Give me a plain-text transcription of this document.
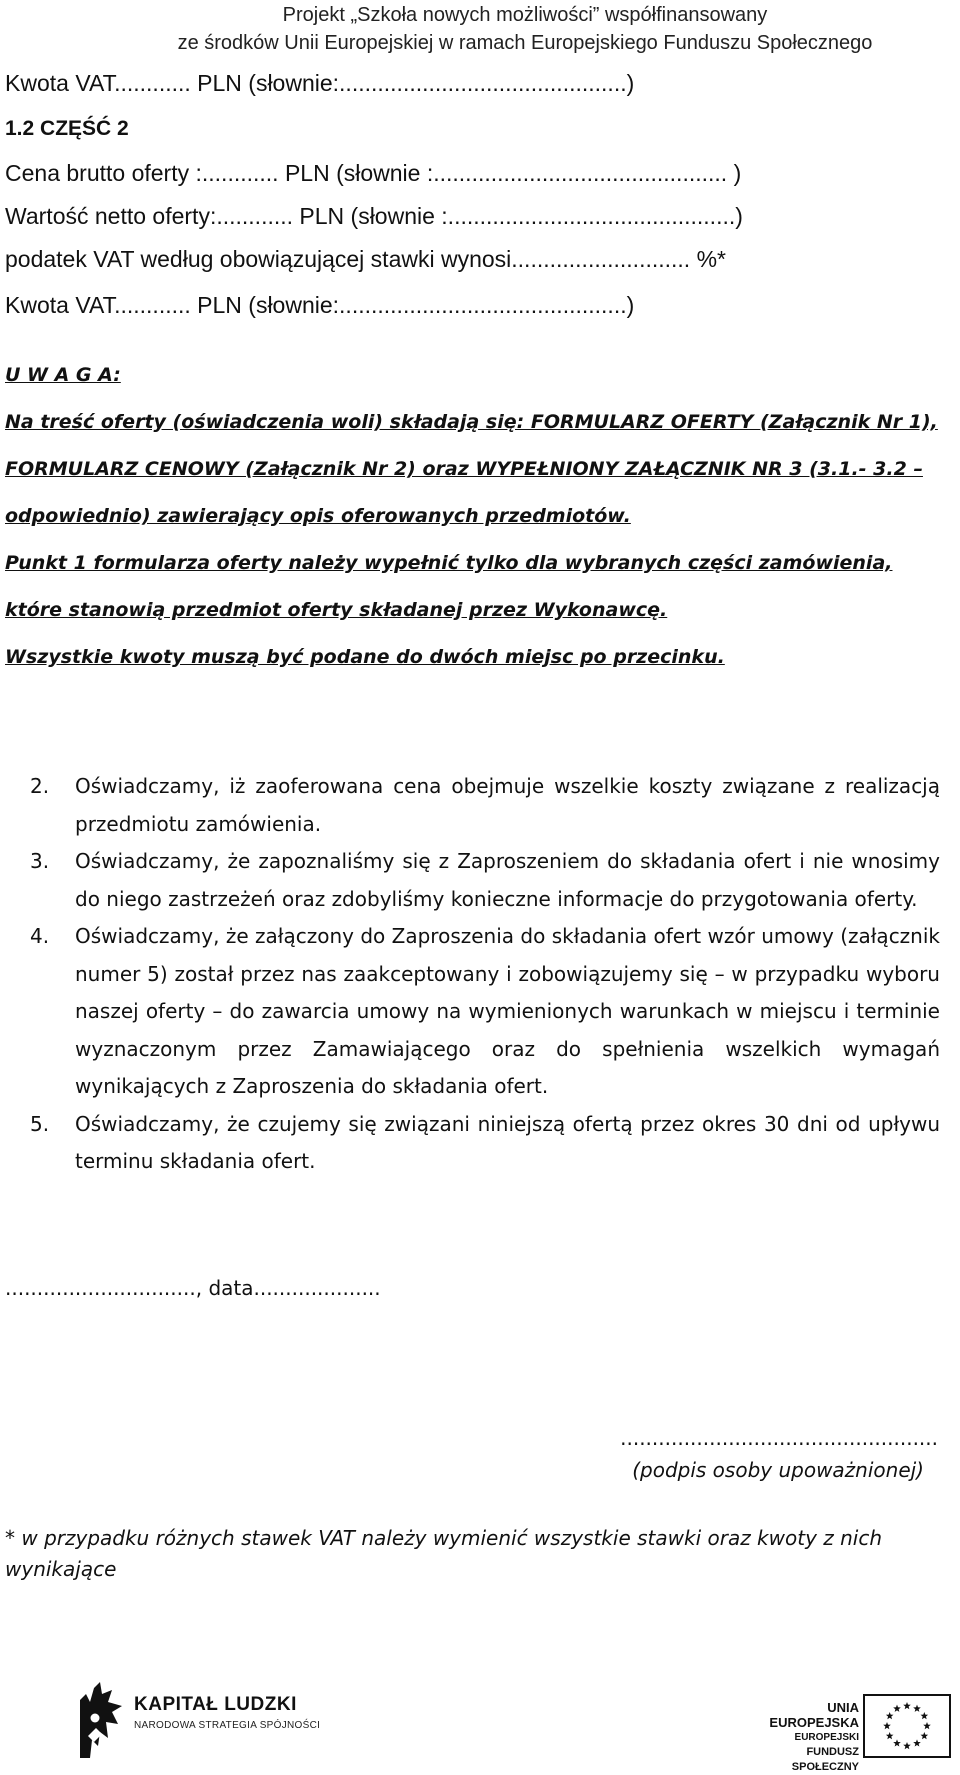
Projekt „Szkoła nowych możliwości” współfinansowany
ze środków Unii Europejskiej w ramach Europejskiego Funduszu Społecznego
Kwota VAT............ PLN (słownie:.............................................)
1.2 CZĘŚĆ 2
Cena brutto oferty :............ PLN (słownie :.............................................. )
Wartość netto oferty:............ PLN (słownie :.............................................)
podatek VAT według obowiązującej stawki wynosi............................ %*
Kwota VAT............ PLN (słownie:.............................................)

U W A G A:

Na treść oferty (oświadczenia woli) składają się: FORMULARZ OFERTY (Załącznik Nr 1), FORMULARZ CENOWY (Załącznik Nr 2) oraz WYPEŁNIONY ZAŁĄCZNIK NR 3 (3.1.- 3.2 – odpowiednio) zawierający opis oferowanych przedmiotów.

Punkt 1 formularza oferty należy wypełnić tylko dla wybranych części zamówienia, które stanowią przedmiot oferty składanej przez Wykonawcę.

Wszystkie kwoty muszą być podane do dwóch miejsc po przecinku.

2. Oświadczamy, iż zaoferowana cena obejmuje wszelkie koszty związane z realizacją przedmiotu zamówienia.
3. Oświadczamy, że zapoznaliśmy się z Zaproszeniem do składania ofert i nie wnosimy do niego zastrzeżeń oraz zdobyliśmy konieczne informacje do przygotowania oferty.
4. Oświadczamy, że załączony do Zaproszenia do składania ofert wzór umowy (załącznik numer 5) został przez nas zaakceptowany i zobowiązujemy się – w przypadku wyboru naszej oferty – do zawarcia umowy na wymienionych warunkach w miejscu i terminie wyznaczonym przez Zamawiającego oraz do spełnienia wszelkich wymagań wynikających z Zaproszenia do składania ofert.
5. Oświadczamy, że czujemy się związani niniejszą ofertą przez okres 30 dni od upływu terminu składania ofert.
.............................., data....................
..................................................
(podpis osoby upoważnionej)
* w przypadku różnych stawek VAT należy wymienić wszystkie stawki oraz kwoty z nich wynikające
KAPITAŁ LUDZKI
NARODOWA STRATEGIA SPÓJNOŚCI
UNIA EUROPEJSKA
EUROPEJSKI
FUNDUSZ SPOŁECZNY
